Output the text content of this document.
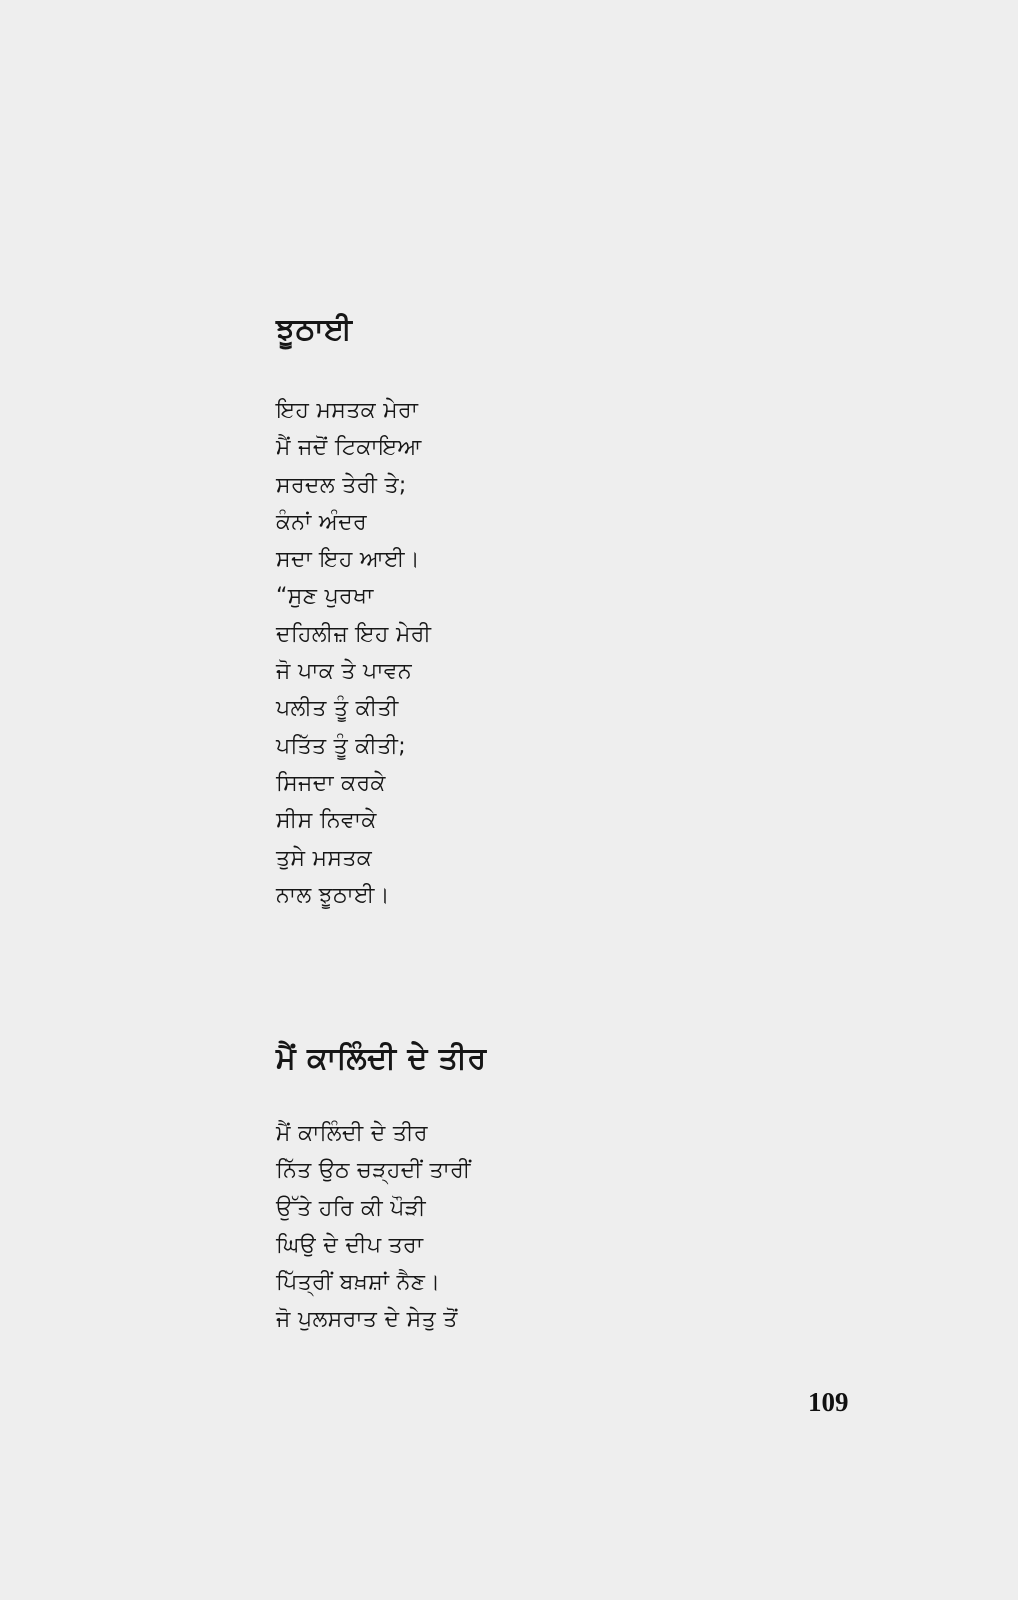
ਝੂਠਾਈ
ਇਹ ਮਸਤਕ ਮੇਰਾ
ਮੈਂ ਜਦੋਂ ਟਿਕਾਇਆ
ਸਰਦਲ ਤੇਰੀ ਤੇ;
ਕੰਨਾਂ ਅੰਦਰ
ਸਦਾ ਇਹ ਆਈ।
“ਸੁਣ ਪੁਰਖਾ
ਦਹਿਲੀਜ਼ ਇਹ ਮੇਰੀ
ਜੋ ਪਾਕ ਤੇ ਪਾਵਨ
ਪਲੀਤ ਤੂੰ ਕੀਤੀ
ਪਤਿੱਤ ਤੂੰ ਕੀਤੀ;
ਸਿਜਦਾ ਕਰਕੇ
ਸੀਸ ਨਿਵਾਕੇ
ਤੁਸੇ ਮਸਤਕ
ਨਾਲ ਝੂਠਾਈ।
ਮੈਂ ਕਾਲਿੰਦੀ ਦੇ ਤੀਰ
ਮੈਂ ਕਾਲਿੰਦੀ ਦੇ ਤੀਰ
ਨਿੱਤ ਉਠ ਚੜ੍ਹਦੀਂ ਤਾਰੀਂ
ਉੱਤੇ ਹਰਿ ਕੀ ਪੌੜੀ
ਘਿਉ ਦੇ ਦੀਪ ਤਰਾ
ਪਿੱਤ੍ਰੀਂ ਬਖ਼ਸ਼ਾਂ ਨੈਣ।
ਜੋ ਪੁਲਸਰਾਤ ਦੇ ਸੇਤੁ ਤੋਂ
109
